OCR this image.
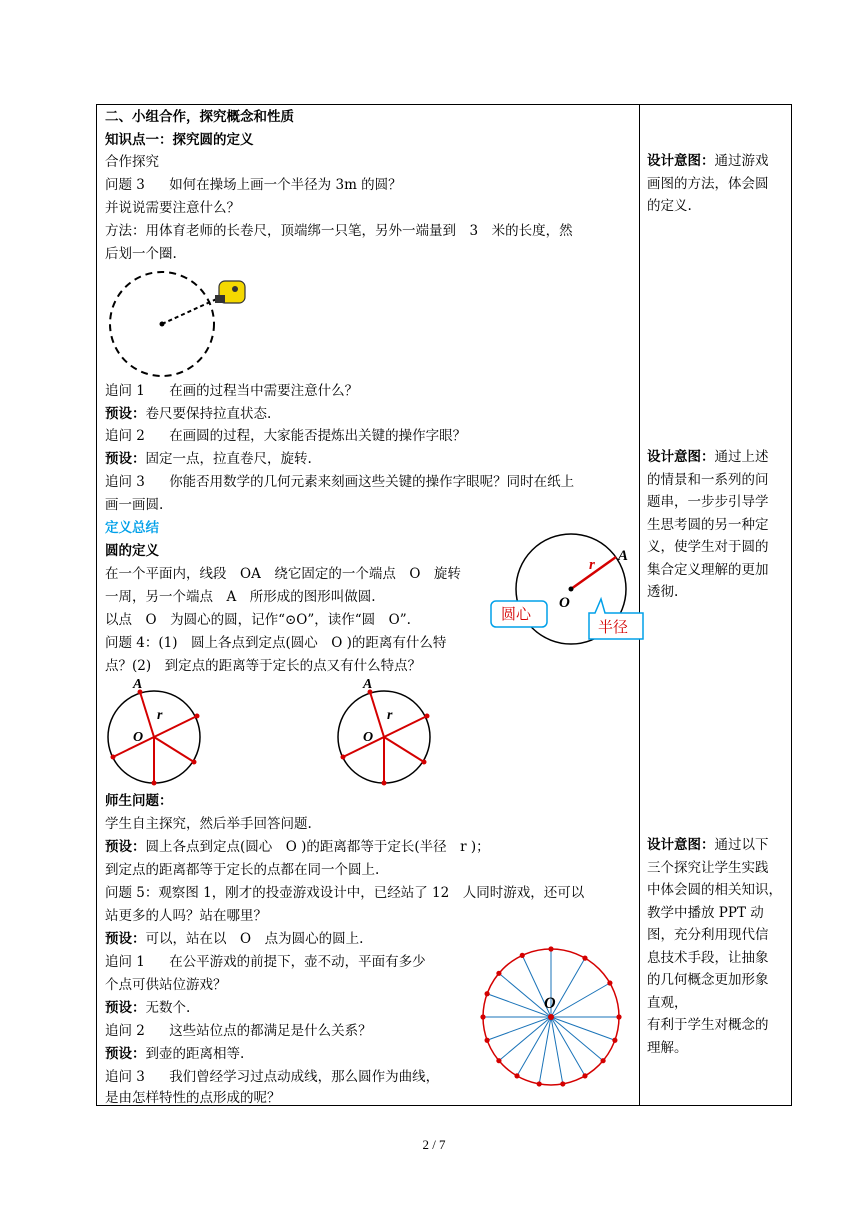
二、小组合作，探究概念和性质
知识点一：探究圆的定义
合作探究
问题 3 如何在操场上画一个半径为 3m 的圆？
并说说需要注意什么？
方法：用体育老师的长卷尺，顶端绑一只笔，另外一端量到　3　米的长度，然
后划一个圈.
追问 1 在画的过程当中需要注意什么？
预设：卷尺要保持拉直状态.
追问 2 在画圆的过程，大家能否提炼出关键的操作字眼？
预设：固定一点，拉直卷尺，旋转.
追问 3 你能否用数学的几何元素来刻画这些关键的操作字眼呢？同时在纸上
画一画圆.
定义总结
圆的定义
在一个平面内，线段　OA　绕它固定的一个端点　O　旋转
一周，另一个端点　A　所形成的图形叫做圆.
以点　O　为圆心的圆，记作“⊙O”，读作“圆　O”.
问题 4：(1)　圆上各点到定点(圆心　O )的距离有什么特
点？(2)　到定点的距离等于定长的点又有什么特点？
A
r
O
圆心
半径
A
r
O
A
r
O
师生问题：
学生自主探究，然后举手回答问题.
预设：圆上各点到定点(圆心　O )的距离都等于定长(半径　r )；
到定点的距离都等于定长的点都在同一个圆上.
问题 5：观察图 1，刚才的投壶游戏设计中，已经站了 12　人同时游戏，还可以
站更多的人吗？站在哪里？
预设：可以，站在以　O　点为圆心的圆上.
追问 1 在公平游戏的前提下，壶不动，平面有多少
个点可供站位游戏？
预设：无数个.
追问 2 这些站位点的都满足是什么关系？
预设：到壶的距离相等.
追问 3 我们曾经学习过点动成线，那么圆作为曲线，
是由怎样特性的点形成的呢？
O

设计意图：通过游戏

画图的方法，体会圆

的定义.

设计意图：通过上述

的情景和一系列的问

题串，一步步引导学

生思考圆的另一种定

义，使学生对于圆的

集合定义理解的更加

透彻.

设计意图：通过以下

三个探究让学生实践

中体会圆的相关知识，

教学中播放 PPT 动

图，充分利用现代信

息技术手段，让抽象

的几何概念更加形象

直观，

有利于学生对概念的

理解。

2 / 7
